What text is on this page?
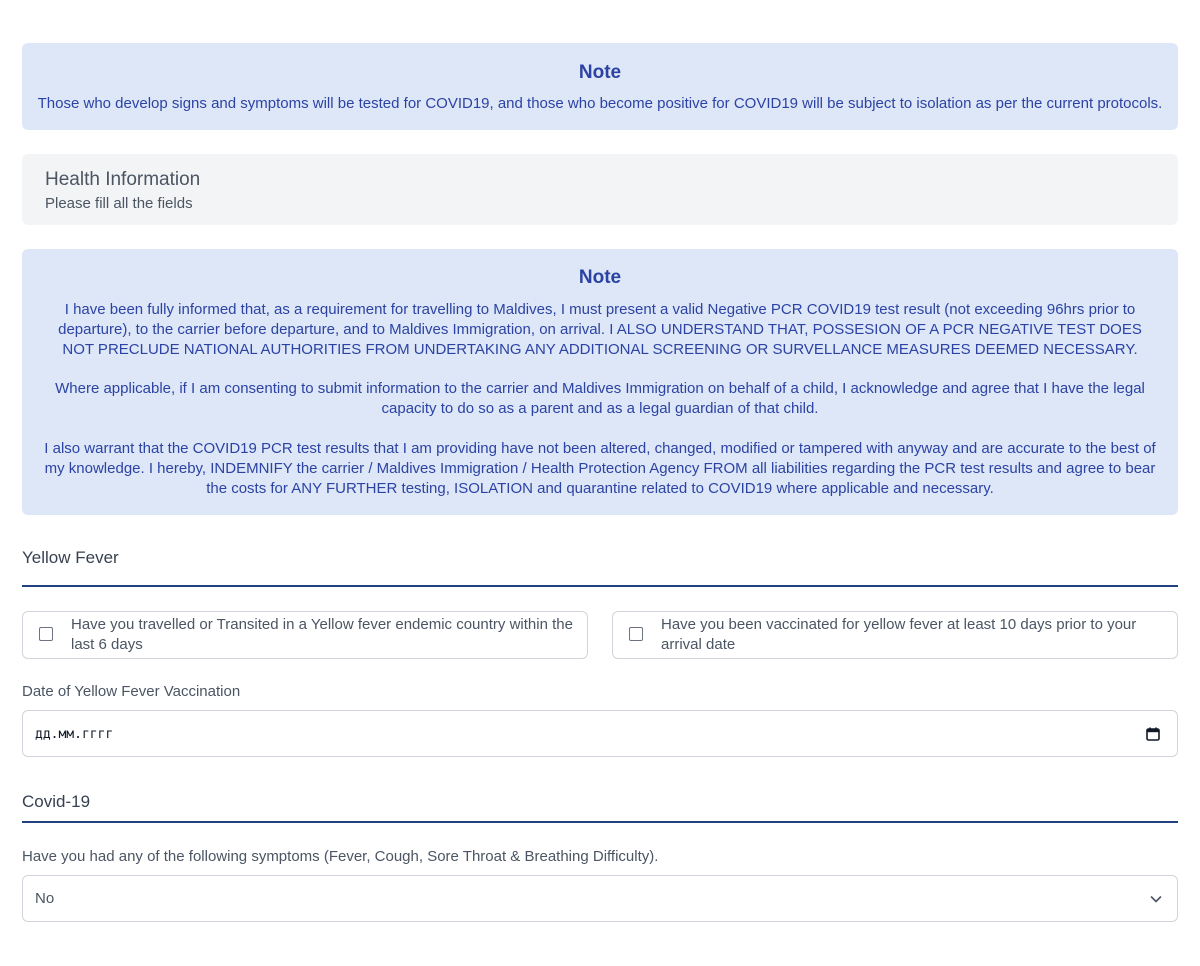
Note
Those who develop signs and symptoms will be tested for COVID19, and those who become positive for COVID19 will be subject to isolation as per the current protocols.
Health Information
Please fill all the fields
Note
I have been fully informed that, as a requirement for travelling to Maldives, I must present a valid Negative PCR COVID19 test result (not exceeding 96hrs prior to departure), to the carrier before departure, and to Maldives Immigration, on arrival. I ALSO UNDERSTAND THAT, POSSESION OF A PCR NEGATIVE TEST DOES NOT PRECLUDE NATIONAL AUTHORITIES FROM UNDERTAKING ANY ADDITIONAL SCREENING OR SURVELLANCE MEASURES DEEMED NECESSARY.
Where applicable, if I am consenting to submit information to the carrier and Maldives Immigration on behalf of a child, I acknowledge and agree that I have the legal capacity to do so as a parent and as a legal guardian of that child.
I also warrant that the COVID19 PCR test results that I am providing have not been altered, changed, modified or tampered with anyway and are accurate to the best of my knowledge. I hereby, INDEMNIFY the carrier / Maldives Immigration / Health Protection Agency FROM all liabilities regarding the PCR test results and agree to bear the costs for ANY FURTHER testing, ISOLATION and quarantine related to COVID19 where applicable and necessary.
Yellow Fever
Have you travelled or Transited in a Yellow fever endemic country within the last 6 days
Have you been vaccinated for yellow fever at least 10 days prior to your arrival date
Date of Yellow Fever Vaccination
дд.мм.гггг
Covid-19
Have you had any of the following symptoms (Fever, Cough, Sore Throat & Breathing Difficulty).
No
